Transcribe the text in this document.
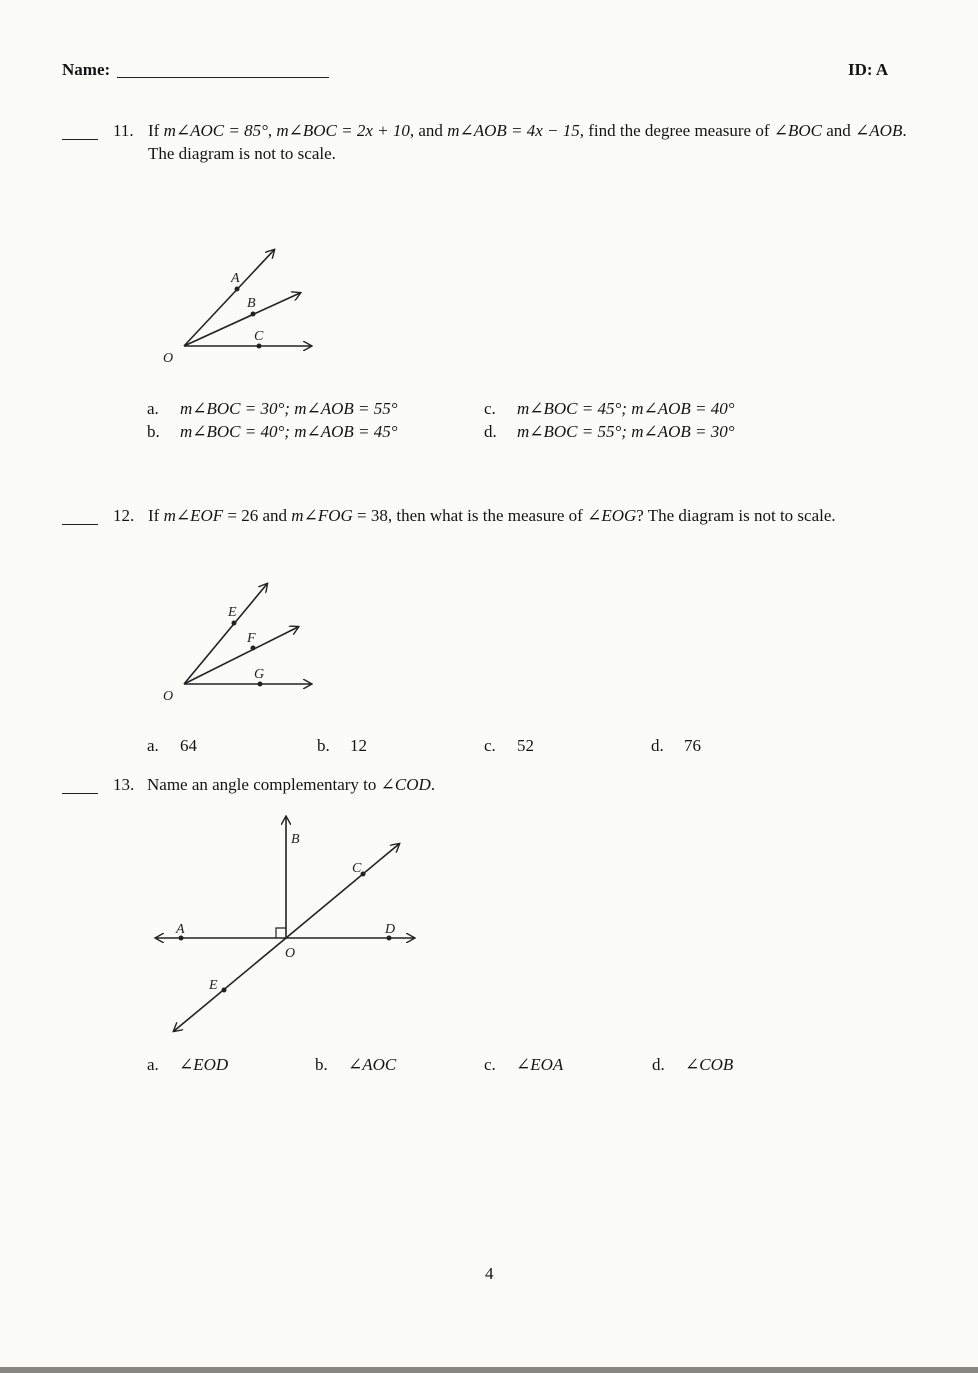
Name:	ID: A
11. If m∠AOC = 85°, m∠BOC = 2x + 10, and m∠AOB = 4x − 15, find the degree measure of ∠BOC and ∠AOB.
The diagram is not to scale.
O
A
B
C
a. m∠BOC = 30°; m∠AOB = 55°
b. m∠BOC = 40°; m∠AOB = 45°
c. m∠BOC = 45°; m∠AOB = 40°
d. m∠BOC = 55°; m∠AOB = 30°
12. If m∠EOF = 26 and m∠FOG = 38, then what is the measure of ∠EOG? The diagram is not to scale.
O
E
F
G
a. 64	b. 12	c. 52	d. 76
13. Name an angle complementary to ∠COD.
A
B
C
D
E
O
a. ∠EOD	b. ∠AOC	c. ∠EOA	d. ∠COB
4
